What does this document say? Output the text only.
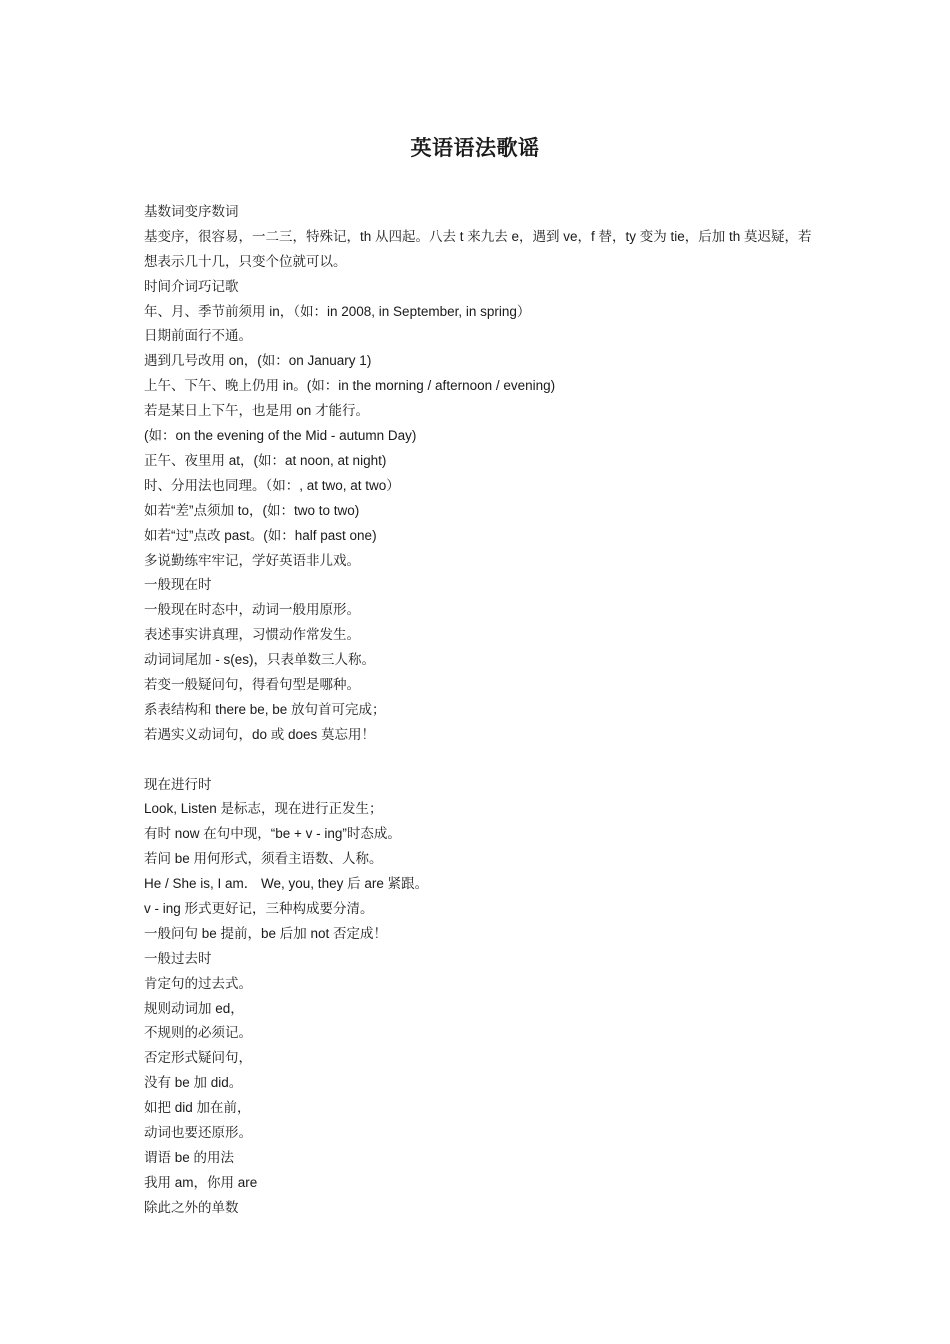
英语语法歌谣
基数词变序数词
基变序，很容易，一二三，特殊记，th 从四起。八去 t 来九去 e，遇到 ve，f 替，ty 变为 tie，后加 th 莫迟疑，若想表示几十几，只变个位就可以。
时间介词巧记歌
年、月、季节前须用 in，（如：in 2008, in September, in spring）
日期前面行不通。
遇到几号改用 on，(如：on January 1)
上午、下午、晚上仍用 in。(如：in the morning / afternoon / evening)
若是某日上下午，也是用 on 才能行。
(如：on the evening of the Mid - autumn Day)
正午、夜里用 at，(如：at noon, at night)
时、分用法也同理。（如：, at two, at two）
如若“差”点须加 to，(如：two to two)
如若“过”点改 past。(如：half past one)
多说勤练牢牢记，学好英语非儿戏。
一般现在时
一般现在时态中，动词一般用原形。
表述事实讲真理，习惯动作常发生。
动词词尾加 - s(es)，只表单数三人称。
若变一般疑问句，得看句型是哪种。
系表结构和 there be, be 放句首可完成；
若遇实义动词句，do 或 does 莫忘用！
现在进行时
Look, Listen 是标志，现在进行正发生；
有时 now 在句中现，“be + v - ing”时态成。
若问 be 用何形式，须看主语数、人称。
He / She is, I am． We, you, they 后 are 紧跟。
v - ing 形式更好记，三种构成要分清。
一般问句 be 提前，be 后加 not 否定成！
一般过去时
肯定句的过去式。
规则动词加 ed，
不规则的必须记。
否定形式疑问句，
没有 be 加 did。
如把 did 加在前，
动词也要还原形。
谓语 be 的用法
我用 am，你用 are
除此之外的单数
